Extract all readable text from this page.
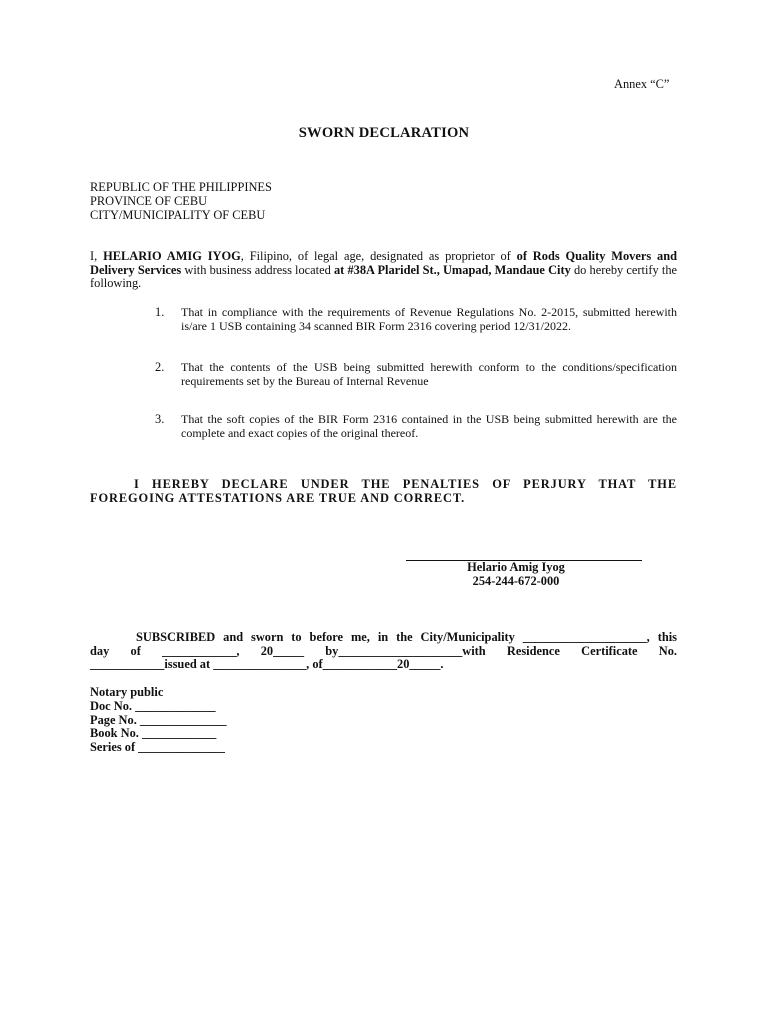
Annex “C”
SWORN DECLARATION
REPUBLIC OF THE PHILIPPINES
PROVINCE OF CEBU
CITY/MUNICIPALITY OF CEBU
I, HELARIO AMIG IYOG, Filipino, of legal age, designated as proprietor of of Rods Quality Movers and Delivery Services with business address located at #38A Plaridel St., Umapad, Mandaue City do hereby certify the following.
1.	That in compliance with the requirements of Revenue Regulations No. 2-2015, submitted herewith is/are 1 USB containing 34 scanned BIR Form 2316 covering period 12/31/2022.
2.	That the contents of the USB being submitted herewith conform to the conditions/specification requirements set by the Bureau of Internal Revenue
3.	That the soft copies of the BIR Form 2316 contained in the USB being submitted herewith are the complete and exact copies of the original thereof.
I HEREBY DECLARE UNDER THE PENALTIES OF PERJURY THAT THE FOREGOING ATTESTATIONS ARE TRUE AND CORRECT.
Helario Amig Iyog
254-244-672-000
SUBSCRIBED and sworn to before me, in the City/Municipality ____________________, this
day of ____________, 20_____ by____________________with Residence Certificate No.
____________issued at _______________, of____________20_____.
Notary public
Doc No. _____________
Page No. ______________
Book No. ____________
Series of ______________
